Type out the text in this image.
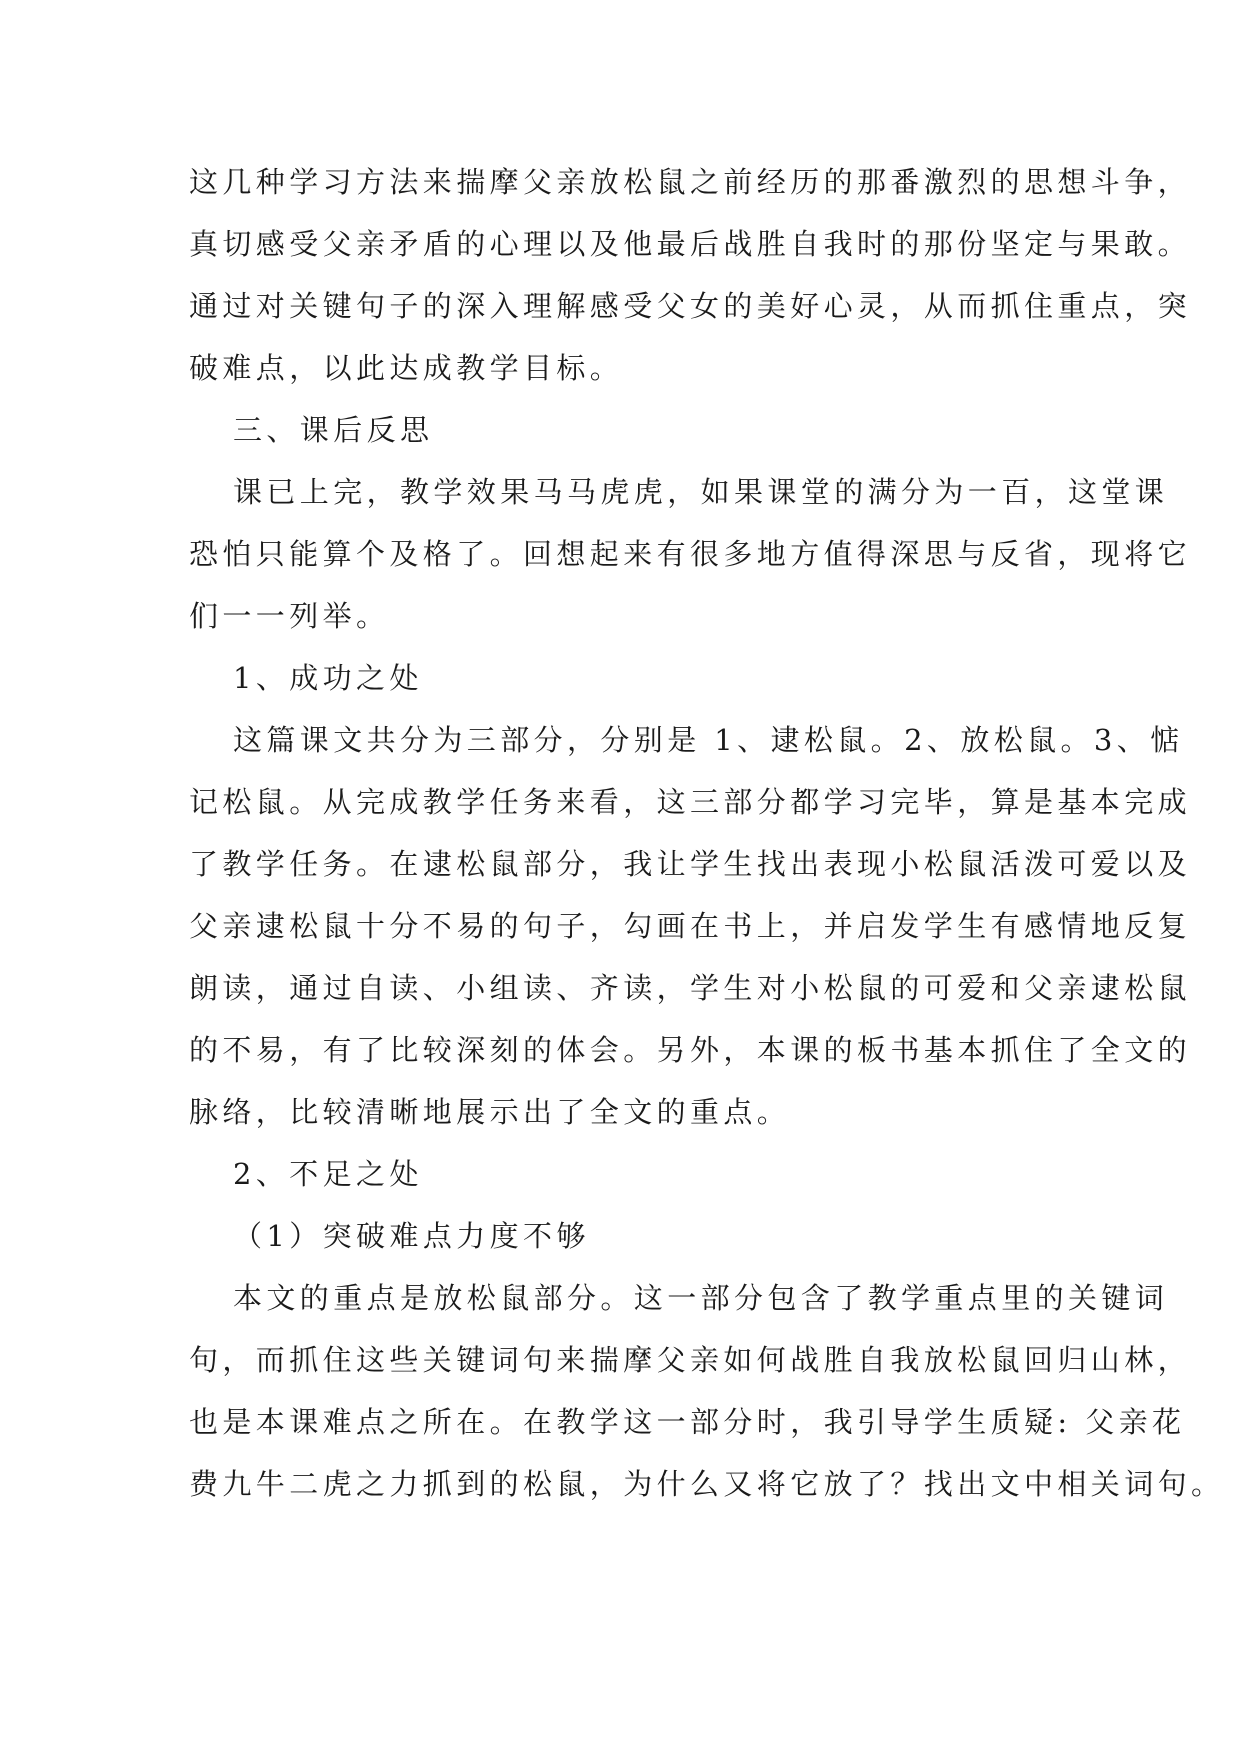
这几种学习方法来揣摩父亲放松鼠之前经历的那番激烈的思想斗争，
真切感受父亲矛盾的心理以及他最后战胜自我时的那份坚定与果敢。
通过对关键句子的深入理解感受父女的美好心灵，从而抓住重点，突
破难点，以此达成教学目标。
三、课后反思
课已上完，教学效果马马虎虎，如果课堂的满分为一百，这堂课
恐怕只能算个及格了。回想起来有很多地方值得深思与反省，现将它
们一一列举。
1、成功之处
这篇课文共分为三部分，分别是 1、逮松鼠。2、放松鼠。3、惦
记松鼠。从完成教学任务来看，这三部分都学习完毕，算是基本完成
了教学任务。在逮松鼠部分，我让学生找出表现小松鼠活泼可爱以及
父亲逮松鼠十分不易的句子，勾画在书上，并启发学生有感情地反复
朗读，通过自读、小组读、齐读，学生对小松鼠的可爱和父亲逮松鼠
的不易，有了比较深刻的体会。另外，本课的板书基本抓住了全文的
脉络，比较清晰地展示出了全文的重点。
2、不足之处
（1）突破难点力度不够
本文的重点是放松鼠部分。这一部分包含了教学重点里的关键词
句，而抓住这些关键词句来揣摩父亲如何战胜自我放松鼠回归山林，
也是本课难点之所在。在教学这一部分时，我引导学生质疑: 父亲花
费九牛二虎之力抓到的松鼠，为什么又将它放了？找出文中相关词句。
